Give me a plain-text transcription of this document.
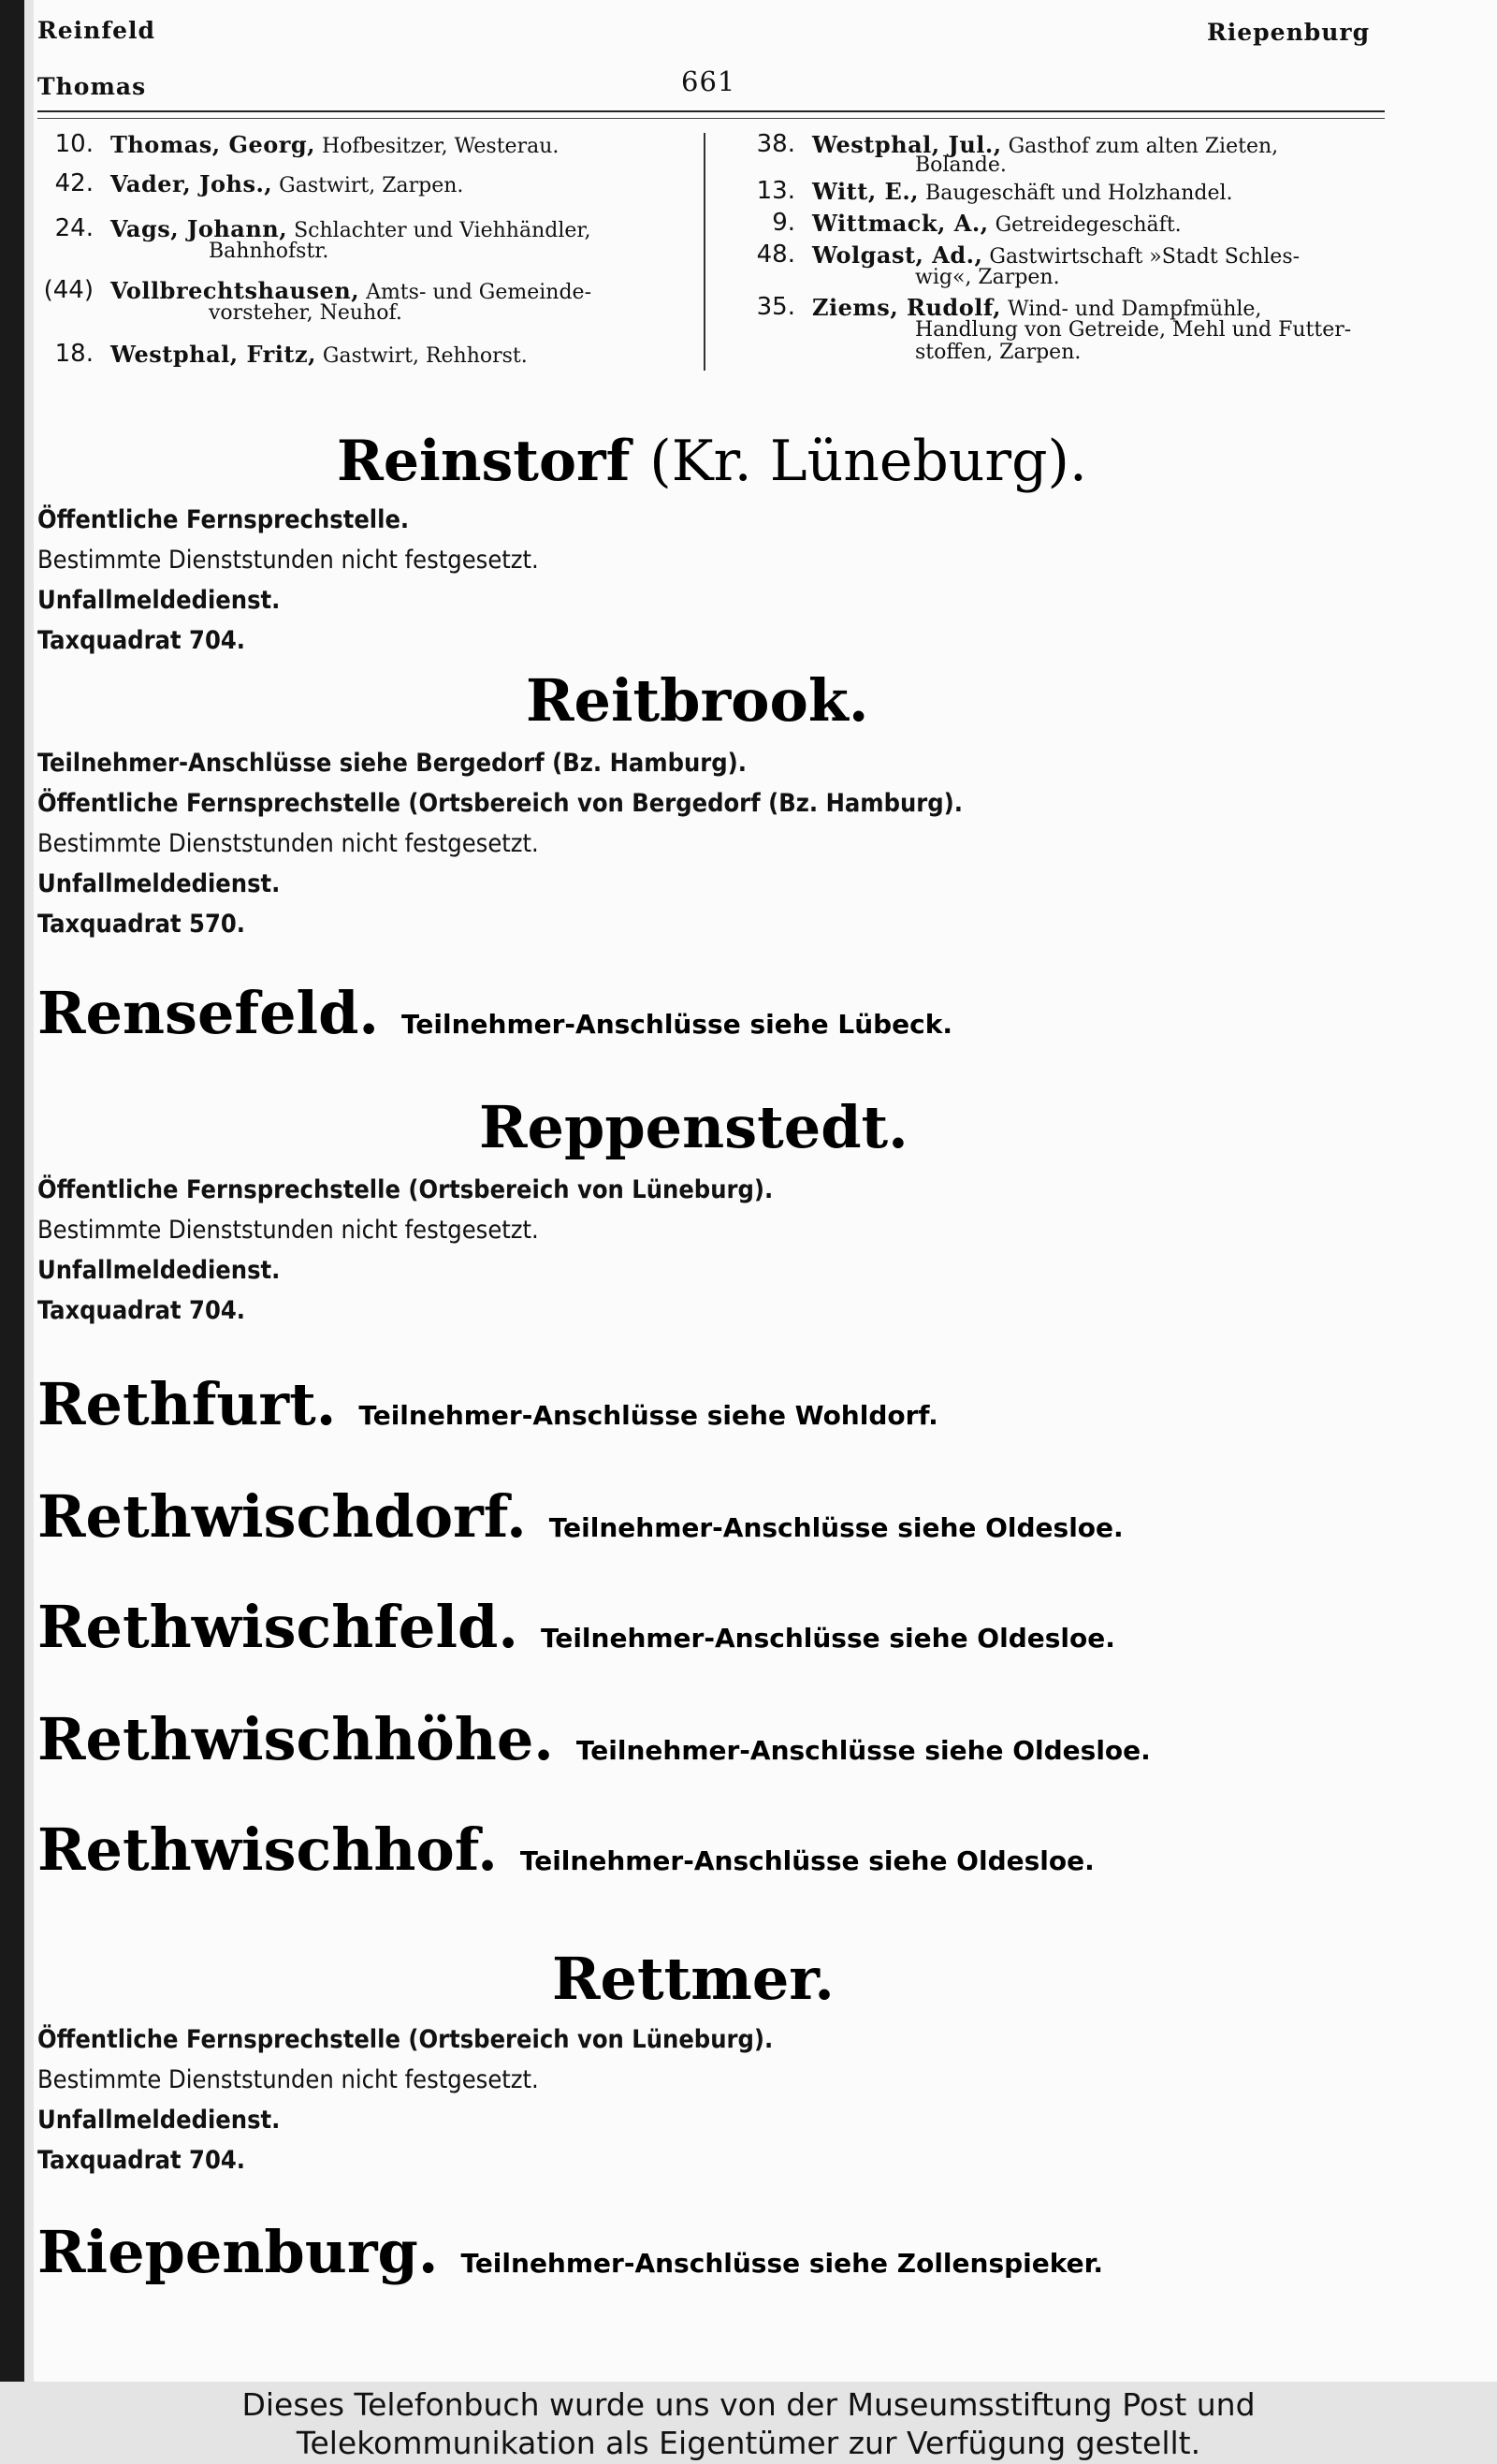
Reinfeld
Thomas	661
Riepenburg
10. Thomas, Georg, Hofbesitzer, Westerau.
42. Vader, Johs., Gastwirt, Zarpen.
24. Vags, Johann, Schlachter und Viehhändler,
Bahnhofstr.
(44) Vollbrechtshausen, Amts- und Gemeinde-
vorsteher, Neuhof.
18. Westphal, Fritz, Gastwirt, Rehhorst.
38. Westphal, Jul., Gasthof zum alten Zieten,
Bolande.
13. Witt, E., Baugeschäft und Holzhandel.
9. Wittmack, A., Getreidegeschäft.
48. Wolgast, Ad., Gastwirtschaft »Stadt Schles-
wig«, Zarpen.
35. Ziems, Rudolf, Wind- und Dampfmühle,
Handlung von Getreide, Mehl und Futter-
stoffen, Zarpen.
Reinstorf (Kr. Lüneburg).
Öffentliche Fernsprechstelle.
Bestimmte Dienststunden nicht festgesetzt.
Unfallmeldedienst.
Taxquadrat 704.
Reitbrook.
Teilnehmer-Anschlüsse siehe Bergedorf (Bz. Hamburg).
Öffentliche Fernsprechstelle (Ortsbereich von Bergedorf (Bz. Hamburg).
Bestimmte Dienststunden nicht festgesetzt.
Unfallmeldedienst.
Taxquadrat 570.
Rensefeld. Teilnehmer-Anschlüsse siehe Lübeck.
Reppenstedt.
Öffentliche Fernsprechstelle (Ortsbereich von Lüneburg).
Bestimmte Dienststunden nicht festgesetzt.
Unfallmeldedienst.
Taxquadrat 704.
Rethfurt. Teilnehmer-Anschlüsse siehe Wohldorf.
Rethwischdorf. Teilnehmer-Anschlüsse siehe Oldesloe.
Rethwischfeld. Teilnehmer-Anschlüsse siehe Oldesloe.
Rethwischhöhe. Teilnehmer-Anschlüsse siehe Oldesloe.
Rethwischhof. Teilnehmer-Anschlüsse siehe Oldesloe.
Rettmer.
Öffentliche Fernsprechstelle (Ortsbereich von Lüneburg).
Bestimmte Dienststunden nicht festgesetzt.
Unfallmeldedienst.
Taxquadrat 704.
Riepenburg. Teilnehmer-Anschlüsse siehe Zollenspieker.
Dieses Telefonbuch wurde uns von der Museumsstiftung Post und
Telekommunikation als Eigentümer zur Verfügung gestellt.
